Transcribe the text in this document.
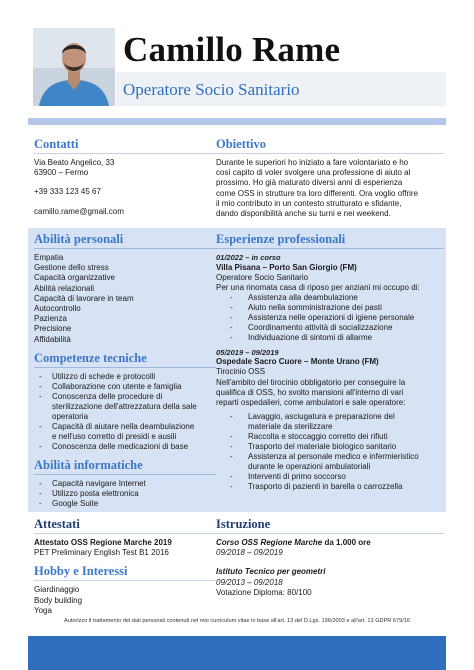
Camillo Rame
Operatore Socio Sanitario
Contatti
Via Beato Angelico, 33
63900 – Fermo
+39 333 123 45 67
camillo.rame@gmail.com
Obiettivo
Durante le superiori ho iniziato a fare volontariato e ho
così capito di voler svolgere una professione di aiuto al
prossimo. Ho già maturato diversi anni di esperienza
come OSS in strutture tra loro differenti. Ora voglio offrire
il mio contributo in un contesto strutturato e sfidante,
dando disponibilità anche su turni e nei weekend.
Abilità personali
Empatia
Gestione dello stress
Capacità organizzative
Abilità relazionali
Capacità di lavorare in team
Autocontrollo
Pazienza
Precisione
Affidabilità
Competenze tecniche
- Utilizzo di schede e protocolli
- Collaborazione con utente e famiglia
- Conoscenza delle procedure di
sterilizzazione dell'attrezzatura della sale
operatoria
- Capacità di aiutare nella deambulazione
e nell'uso corretto di presidi e ausili
- Conoscenza delle medicazioni di base
Abilità informatiche
- Capacità navigare Internet
- Utilizzo posta elettronica
- Google Suite
Esperienze professionali
01/2022 – in corso
Villa Pisana – Porto San Giorgio (FM)
Operatore Socio Sanitario
Per una rinomata casa di riposo per anziani mi occupo di:
- Assistenza alla deambulazione
- Aiuto nella somministrazione dei pasti
- Assistenza nelle operazioni di igiene personale
- Coordinamento attività di socializzazione
- Individuazione di sintomi di allarme
05/2019 – 09/2019
Ospedale Sacro Cuore – Monte Urano (FM)
Tirocinio OSS
Nell'ambito del tirocinio obbligatorio per conseguire la
qualifica di OSS, ho svolto mansioni all'interno di vari
reparti ospedalieri, come ambulatori e sale operatore:
- Lavaggio, asciugatura e preparazione del
materiale da sterilizzare
- Raccolta e stoccaggio corretto dei rifiuti
- Trasporto del materiale biologico sanitario
- Assistenza al personale medico e infermieristico
durante le operazioni ambulatoriali
- Interventi di primo soccorso
- Trasporto di pazienti in barella o carrozzella
Attestati
Attestato OSS Regione Marche 2019
PET Preliminary English Test B1 2016
Hobby e Interessi
Giardinaggio
Body building
Yoga
Istruzione
Corso OSS Regione Marche da 1.000 ore
09/2018 – 09/2019
Istituto Tecnico per geometri
09/2013 – 09/2018
Votazione Diploma: 80/100
Autorizzo il trattamento dei dati personali contenuti nel mio curriculum vitae in base all'art. 13 del D.Lgs. 196/2003 e all'art. 13 GDPR 679/16
